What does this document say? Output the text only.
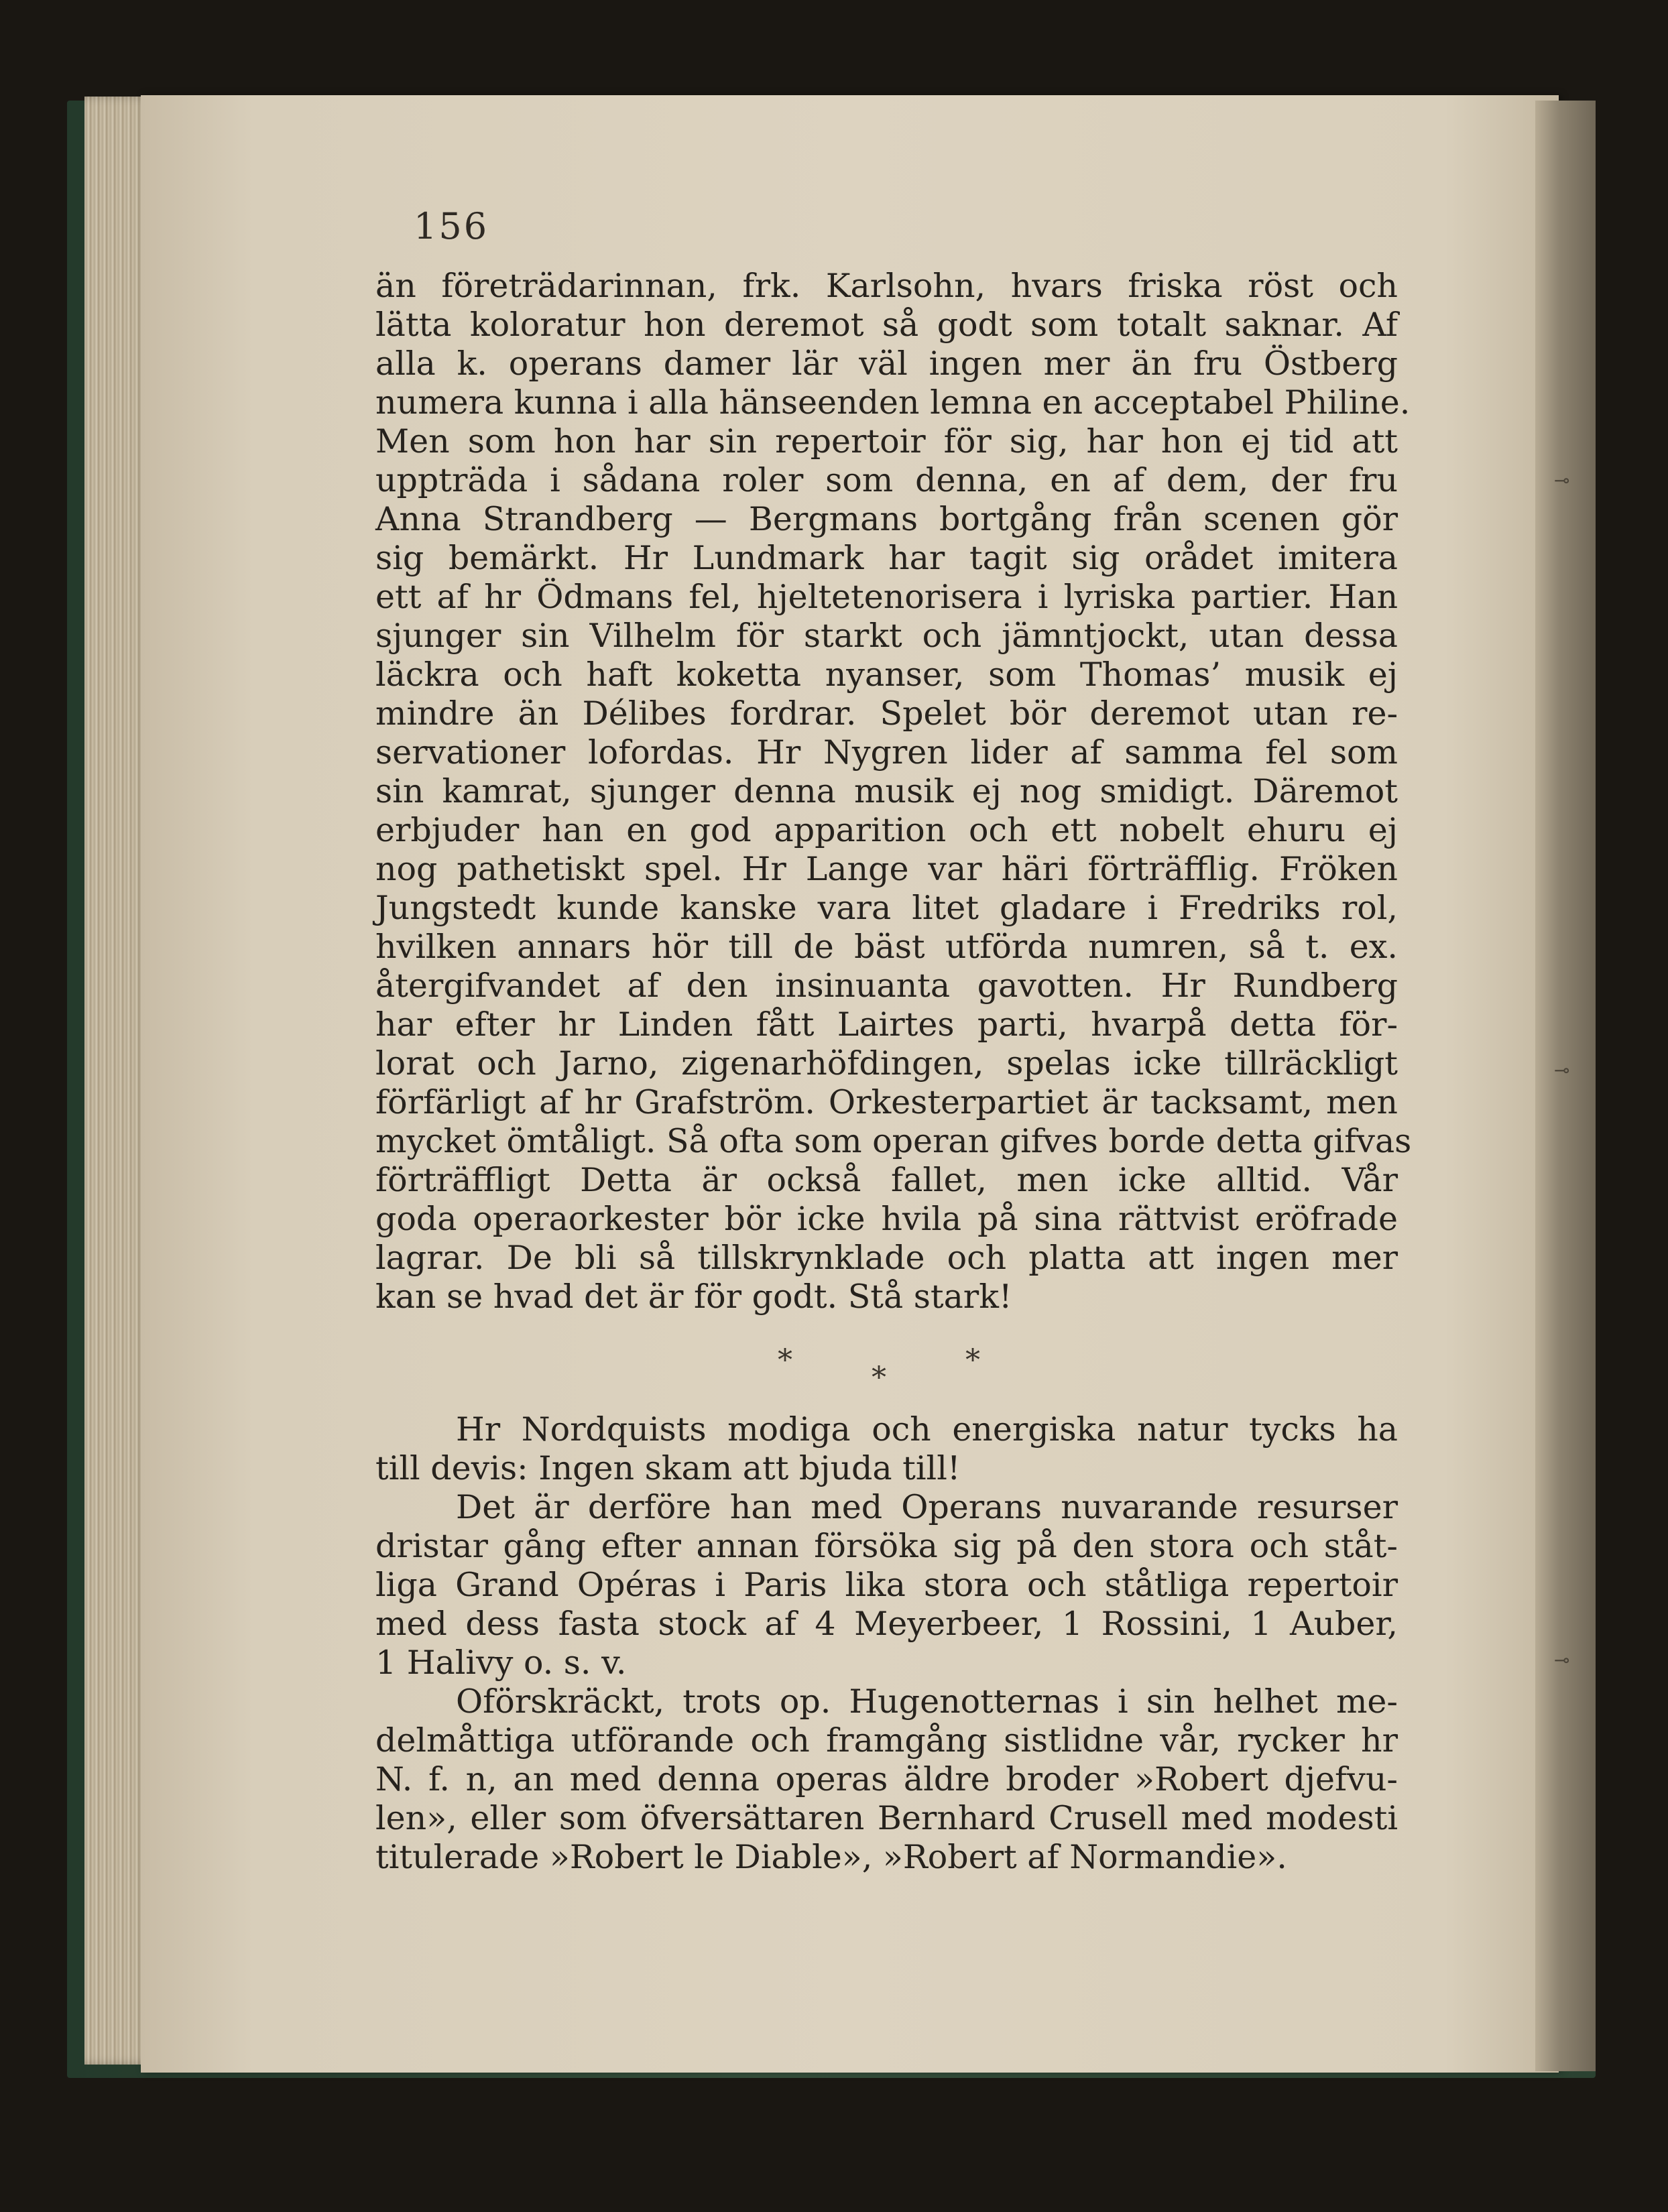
⊸
⊸
⊸
156
än företrädarinnan, frk. Karlsohn, hvars friska röst och
lätta koloratur hon deremot så godt som totalt saknar. Af
alla k. operans damer lär väl ingen mer än fru Östberg
numera kunna i alla hänseenden lemna en acceptabel Philine.
Men som hon har sin repertoir för sig, har hon ej tid att
uppträda i sådana roler som denna, en af dem, der fru
Anna Strandberg — Bergmans bortgång från scenen gör
sig bemärkt. Hr Lundmark har tagit sig orådet imitera
ett af hr Ödmans fel, hjeltetenorisera i lyriska partier. Han
sjunger sin Vilhelm för starkt och jämntjockt, utan dessa
läckra och haft koketta nyanser, som Thomas’ musik ej
mindre än Délibes fordrar. Spelet bör deremot utan re-
servationer lofordas. Hr Nygren lider af samma fel som
sin kamrat, sjunger denna musik ej nog smidigt. Däremot
erbjuder han en god apparition och ett nobelt ehuru ej
nog pathetiskt spel. Hr Lange var häri förträfflig. Fröken
Jungstedt kunde kanske vara litet gladare i Fredriks rol,
hvilken annars hör till de bäst utförda numren, så t. ex.
återgifvandet af den insinuanta gavotten. Hr Rundberg
har efter hr Linden fått Lairtes parti, hvarpå detta för-
lorat och Jarno, zigenarhöfdingen, spelas icke tillräckligt
förfärligt af hr Grafström. Orkesterpartiet är tacksamt, men
mycket ömtåligt. Så ofta som operan gifves borde detta gifvas
förträffligt Detta är också fallet, men icke alltid. Vår
goda operaorkester bör icke hvila på sina rättvist eröfrade
lagrar. De bli så tillskrynklade och platta att ingen mer
kan se hvad det är för godt. Stå stark!
*
*
*
Hr Nordquists modiga och energiska natur tycks ha
till devis: Ingen skam att bjuda till!
Det är derföre han med Operans nuvarande resurser
dristar gång efter annan försöka sig på den stora och ståt-
liga Grand Opéras i Paris lika stora och ståtliga repertoir
med dess fasta stock af 4 Meyerbeer, 1 Rossini, 1 Auber,
1 Halivy o. s. v.
Oförskräckt, trots op. Hugenotternas i sin helhet me-
delmåttiga utförande och framgång sistlidne vår, rycker hr
N. f. n, an med denna operas äldre broder »Robert djefvu-
len», eller som öfversättaren Bernhard Crusell med modesti
titulerade »Robert le Diable», »Robert af Normandie».
